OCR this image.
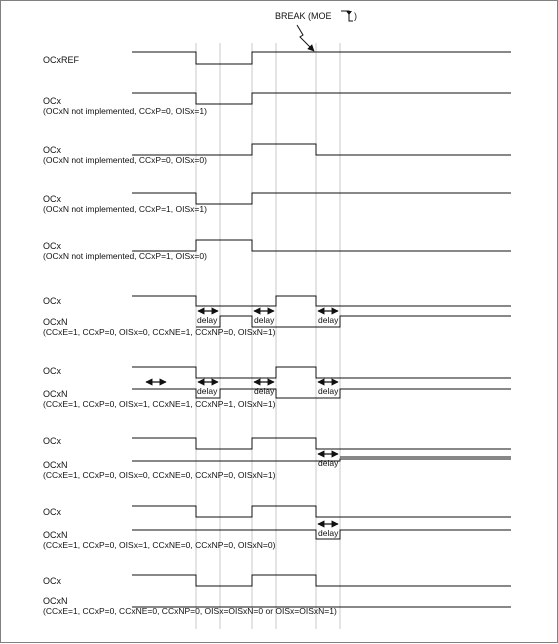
BREAK (MOE )
OCxREF
OCx
(OCxN not implemented, CCxP=0, OISx=1)
OCx
(OCxN not implemented, CCxP=0, OISx=0)
OCx
(OCxN not implemented, CCxP=1, OISx=1)
OCx
(OCxN not implemented, CCxP=1, OISx=0)
OCx
OCxN
(CCxE=1, CCxP=0, OISx=0, CCxNE=1, CCxNP=0, OISxN=1)
OCx
OCxN
(CCxE=1, CCxP=0, OISx=1, CCxNE=1, CCxNP=1, OISxN=1)
OCx
OCxN
(CCxE=1, CCxP=0, OISx=0, CCxNE=0, CCxNP=0, OISxN=1)
OCx
OCxN
(CCxE=1, CCxP=0, OISx=1, CCxNE=0, CCxNP=0, OISxN=0)
OCx
OCxN
(CCxE=1, CCxP=0, CCxNE=0, CCxNP=0, OISx=OISxN=0 or OISx=OISxN=1)
delay	delay	delay
delay	delay	delay
delay
delay
